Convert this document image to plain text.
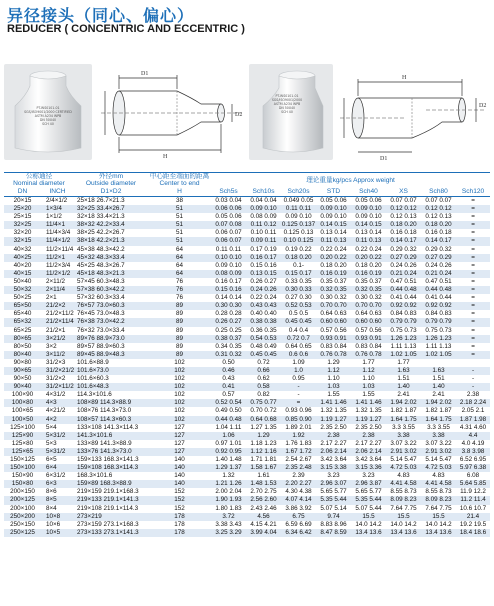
异径接头（同心、偏心）
REDUCER ( CONCENTRIC AND ECCENTRIC )
PT-WS0101-01
SGS/ISO9001/2000 CERTIFIED
ASTM A234 WPB
DN 50X40
SCH 40
D1
H
D2
PT-WS0101-01
SGS/ISO9001/2000
ASTM A234 WPB
DN 50X40
SCH 40
H
D1
D2
公称通径
Nominal diameter		外径mm
Outside diameter	中心距至端面的距离
Center to end	理论重量kg/pcs Approx weight							
DN	INCH	D1×D2	H	Sch5s	Sch10s	Sch20s	STD	Sch40	XS	Sch80	Sch120
20×15	2/4×1/2	25×18 26.7×21.3	38	0.03 0.04	0.04 0.04	0.049 0.05	0.05 0.06	0.05 0.06	0.07 0.07	0.07 0.07	=
25×20	1×3/4	32×25 33.4×26.7	51	0.06 0.06	0.09 0.10	0.11 0.11	0.09 0.10	0.09 0.10	0.12 0.12	0.12 0.12	=
25×15	1×1/2	32×18 33.4×21.3	51	0.05 0.06	0.08 0.09	0.09 0.10	0.09 0.10	0.09 0.10	0.12 0.13	0.12 0.13	=
32×25	11/4×1	38×32 42.2×33.4	51	0.07 0.08	0.11 0.12	0.125 0.137	0.14 0.15	0.14 0.15	0.18 0.20	0.18 0.20	=
32×20	11/4×3/4	38×25 42.2×26.7	51	0.06 0.07	0.10 0.11	0.125 0.13	0.13 0.14	0.13 0.14	0.16 0.18	0.16 0.18	=
32×15	11/4×1/2	38×18 42.2×21.3	51	0.06 0.07	0.09 0.11	0.10 0.125	0.11 0.13	0.11 0.13	0.14 0.17	0.14 0.17	=
40×32	11/2×11/4	45×38 48.3×42.2	64	0.11 0.11	0.17 0.19	0.19 0.22	0.22 0.24	0.22 0.24	0.29 0.32	0.29 0.32	=
40×25	11/2×1	45×32 48.3×33.4	64	0.10 0.10	0.16 0.17	0.18 0.20	0.20 0.22	0.20 0.22	0.27 0.29	0.27 0.29	=
40×20	11/2×3/4	45×25 48.3×26.7	64	0.09 0.10	0.15 0.16	0.1-	0.18 0.20	0.18 0.20	0.24 0.26	0.24 0.26	=
40×15	11/2×1/2	45×18 48.3×21.3	64	0.08 0.09	0.13 0.15	0.15 0.17	0.16 0.19	0.16 0.19	0.21 0.24	0.21 0.24	=
50×40	2×11/2	57×45 60.3×48.3	76	0.16 0.17	0.26 0.27	0.33 0.35	0.35 0.37	0.35 0.37	0.47 0.51	0.47 0.51	=
50×32	2×11/4	57×38 60.3×42.2	76	0.15 0.16	0.24 0.26	0.30 0.33	0.32 0.35	0.32 0.35	0.44 0.48	0.44 0.48	=
50×25	2×1	57×32 60.3×33.4	76	0.14 0.14	0.22 0.24	0.27 0.30	0.30 0.32	0.30 0.32	0.41 0.44	0.41 0.44	=
65×50	21/2×2	76×57 73.0×60.3	89	0.30 0.30	0.43 0.43	0.52 0.53	0.70 0.70	0.70 0.70	0.92 0.92	0.92 0.92	=
65×40	21/2×11/2	76×45 73.0×48.3	89	0.28 0.28	0.40 0.40	0.5 0.5	0.64 0.63	0.64 0.63	0.84 0.83	0.84 0.83	=
65×32	21/2×11/4	76×38 73.0×42.2	89	0.26 0.27	0.38 0.38	0.45 0.45	0.60 0.60	0.60 0.60	0.79 0.79	0.79 0.79	=
65×25	21/2×1	76×32 73.0×33.4	89	0.25 0.25	0.36 0.35	0.4 0.4	0.57 0.56	0.57 0.56	0.75 0.73	0.75 0.73	=
80×65	3×21/2	89×76 88.9×73.0	89	0.38 0.37	0.54 0.53	0.72 0.7	0.93 0.91	0.93 0.91	1.26 1.23	1.26 1.23	=
80×50	3×2	89×57 88.9×60.3	89	0.34 0.35	0.48 0.49	0.64 0.65	0.83 0.84	0.83 0.84	1.11 1.13	1.11 1.13	=
80×40	3×11/2	89×45 88.9×48.3	89	0.31 0.32	0.45 0.45	0.6 0.6	0.76 0.78	0.76 0.78	1.02 1.05	1.02 1.05	=
90×80	31/2×3	101.6×88.9	102	0.50	0.72	1.09	1.29	1.77	1.77		
90×65	31/2×21/2	101.6×73.0	102	0.46	0.66	1.0	1.12	1.12	1.63	1.63	-
90×50	31/2×2	101.6×60.3	102	0.43	0.62	0.95	1.10	1.10	1.51	1.51	-
90×40	31/2×11/2	101.6×48.3	102	0.41	0.58	-	1.03	1.03	1.40	1.40	-
100×90	4×31/2	114.3×101.6	102	0.57	0.82	-	1.55	1.55	2.41	2.41	2.38
100×80	4×3	108×89 114.3×88.9	102	0.52 0.54	0.75 0.77	=	1.41 1.46	1.41 1.46	1.94 2.02	1.94 2.02	2.18 2.24
100×65	4×21/2	108×76 114.3×73.0	102	0.49 0.50	0.70 0.72	0.93 0.96	1.32 1.35	1.32 1.35	1.82 1.87	1.82 1.87	2.05 2.1
100×50	4×2	108×57 114.3×60.3	102	0.44 0.48	0.64 0.68	0.85 0.90	1.19 1.27	1.19 1.27	1.64 1.75	1.64 1.75	1.87 1.98
125×100	5×4	133×108 141.3×114.3	127	1.04 1.11	1.27 1.35	1.89 2.01	2.35 2.50	2.35 2.50	3.3 3.55	3.3 3.55	4.31 4.60
125×90	5×31/2	141.3×101.6	127	1.06	1.29	1.92	2.38	2.38	3.38	3.38	4.4
125×80	5×3	133×89 141.3×88.9	127	0.97 1.01	1.18 1.23	1.76 1.83	2.17 2.27	2.17 2.27	3.07 3.22	3.07 3.22	4.0 4.19
125×65	5×31/2	133×76 141.3×73.0	127	0.92 0.95	1.12 1.16	1.67 1.72	2.06 2.14	2.06 2.14	2.91 3.02	2.91 3.02	3.8 3.98
150×125	6×5	159×133 168.3×141.3	140	1.40 1.48	1.71 1.81	2.54 2.67	3.42 3.64	3.42 3.64	5.14 5.47	5.14 5.47	6.52 6.95
150×100	6×4	159×108 168.3×114.3	140	1.29 1.37	1.58 1.67	2.35 2.48	3.15 3.38	3.15 3.36	4.72 5.03	4.72 5.03	5.97 6.38
150×90	6×31/2	168.3×101.6	140	1.32	1.61	2.39	3.23	3.23	4.83	4.83	6.08
150×80	6×3	159×89 168.3×88.9	140	1.21 1.26	1.48 1.53	2.20 2.27	2.96 3.07	2.96 3.87	4.41 4.58	4.41 4.58	5.64 5.85
200×150	8×6	219×159 219.1×168.3	152	2.00 2.04	2.70 2.75	4.30 4.38	5.65 5.77	5.65 5.77	8.55 8.73	8.55 8.73	11.9 12.2
200×125	8×5	219×133 219.1×141.3	152	1.90 1.93	2.56 2.60	4.07 4.14	5.35 5.44	5.35 5.44	8.09 8.23	8.09 8.23	11.2 11.4
200×100	8×4	219×108 219.1×114.3	152	1.80 1.83	2.43 2.46	3.86 3.92	5.07 5.14	5.07 5.44	7.64 7.75	7.64 7.75	10.6 10.7
250×200	10×8	273×219	178	3.72	4.56	6.75	9.74	15.5	15.5	15.5	21.4
250×150	10×6	273×159 273.1×168.3	178	3.38 3.43	4.15 4.21	6.59 6.69	8.83 8.96	14.0 14.2	14.0 14.2	14.0 14.2	19.2 19.5
250×125	10×5	273×133 273.1×141.3	178	3.25 3.29	3.99 4.04	6.34 6.42	8.47 8.59	13.4 13.6	13.4 13.6	13.4 13.6	18.4 18.6
